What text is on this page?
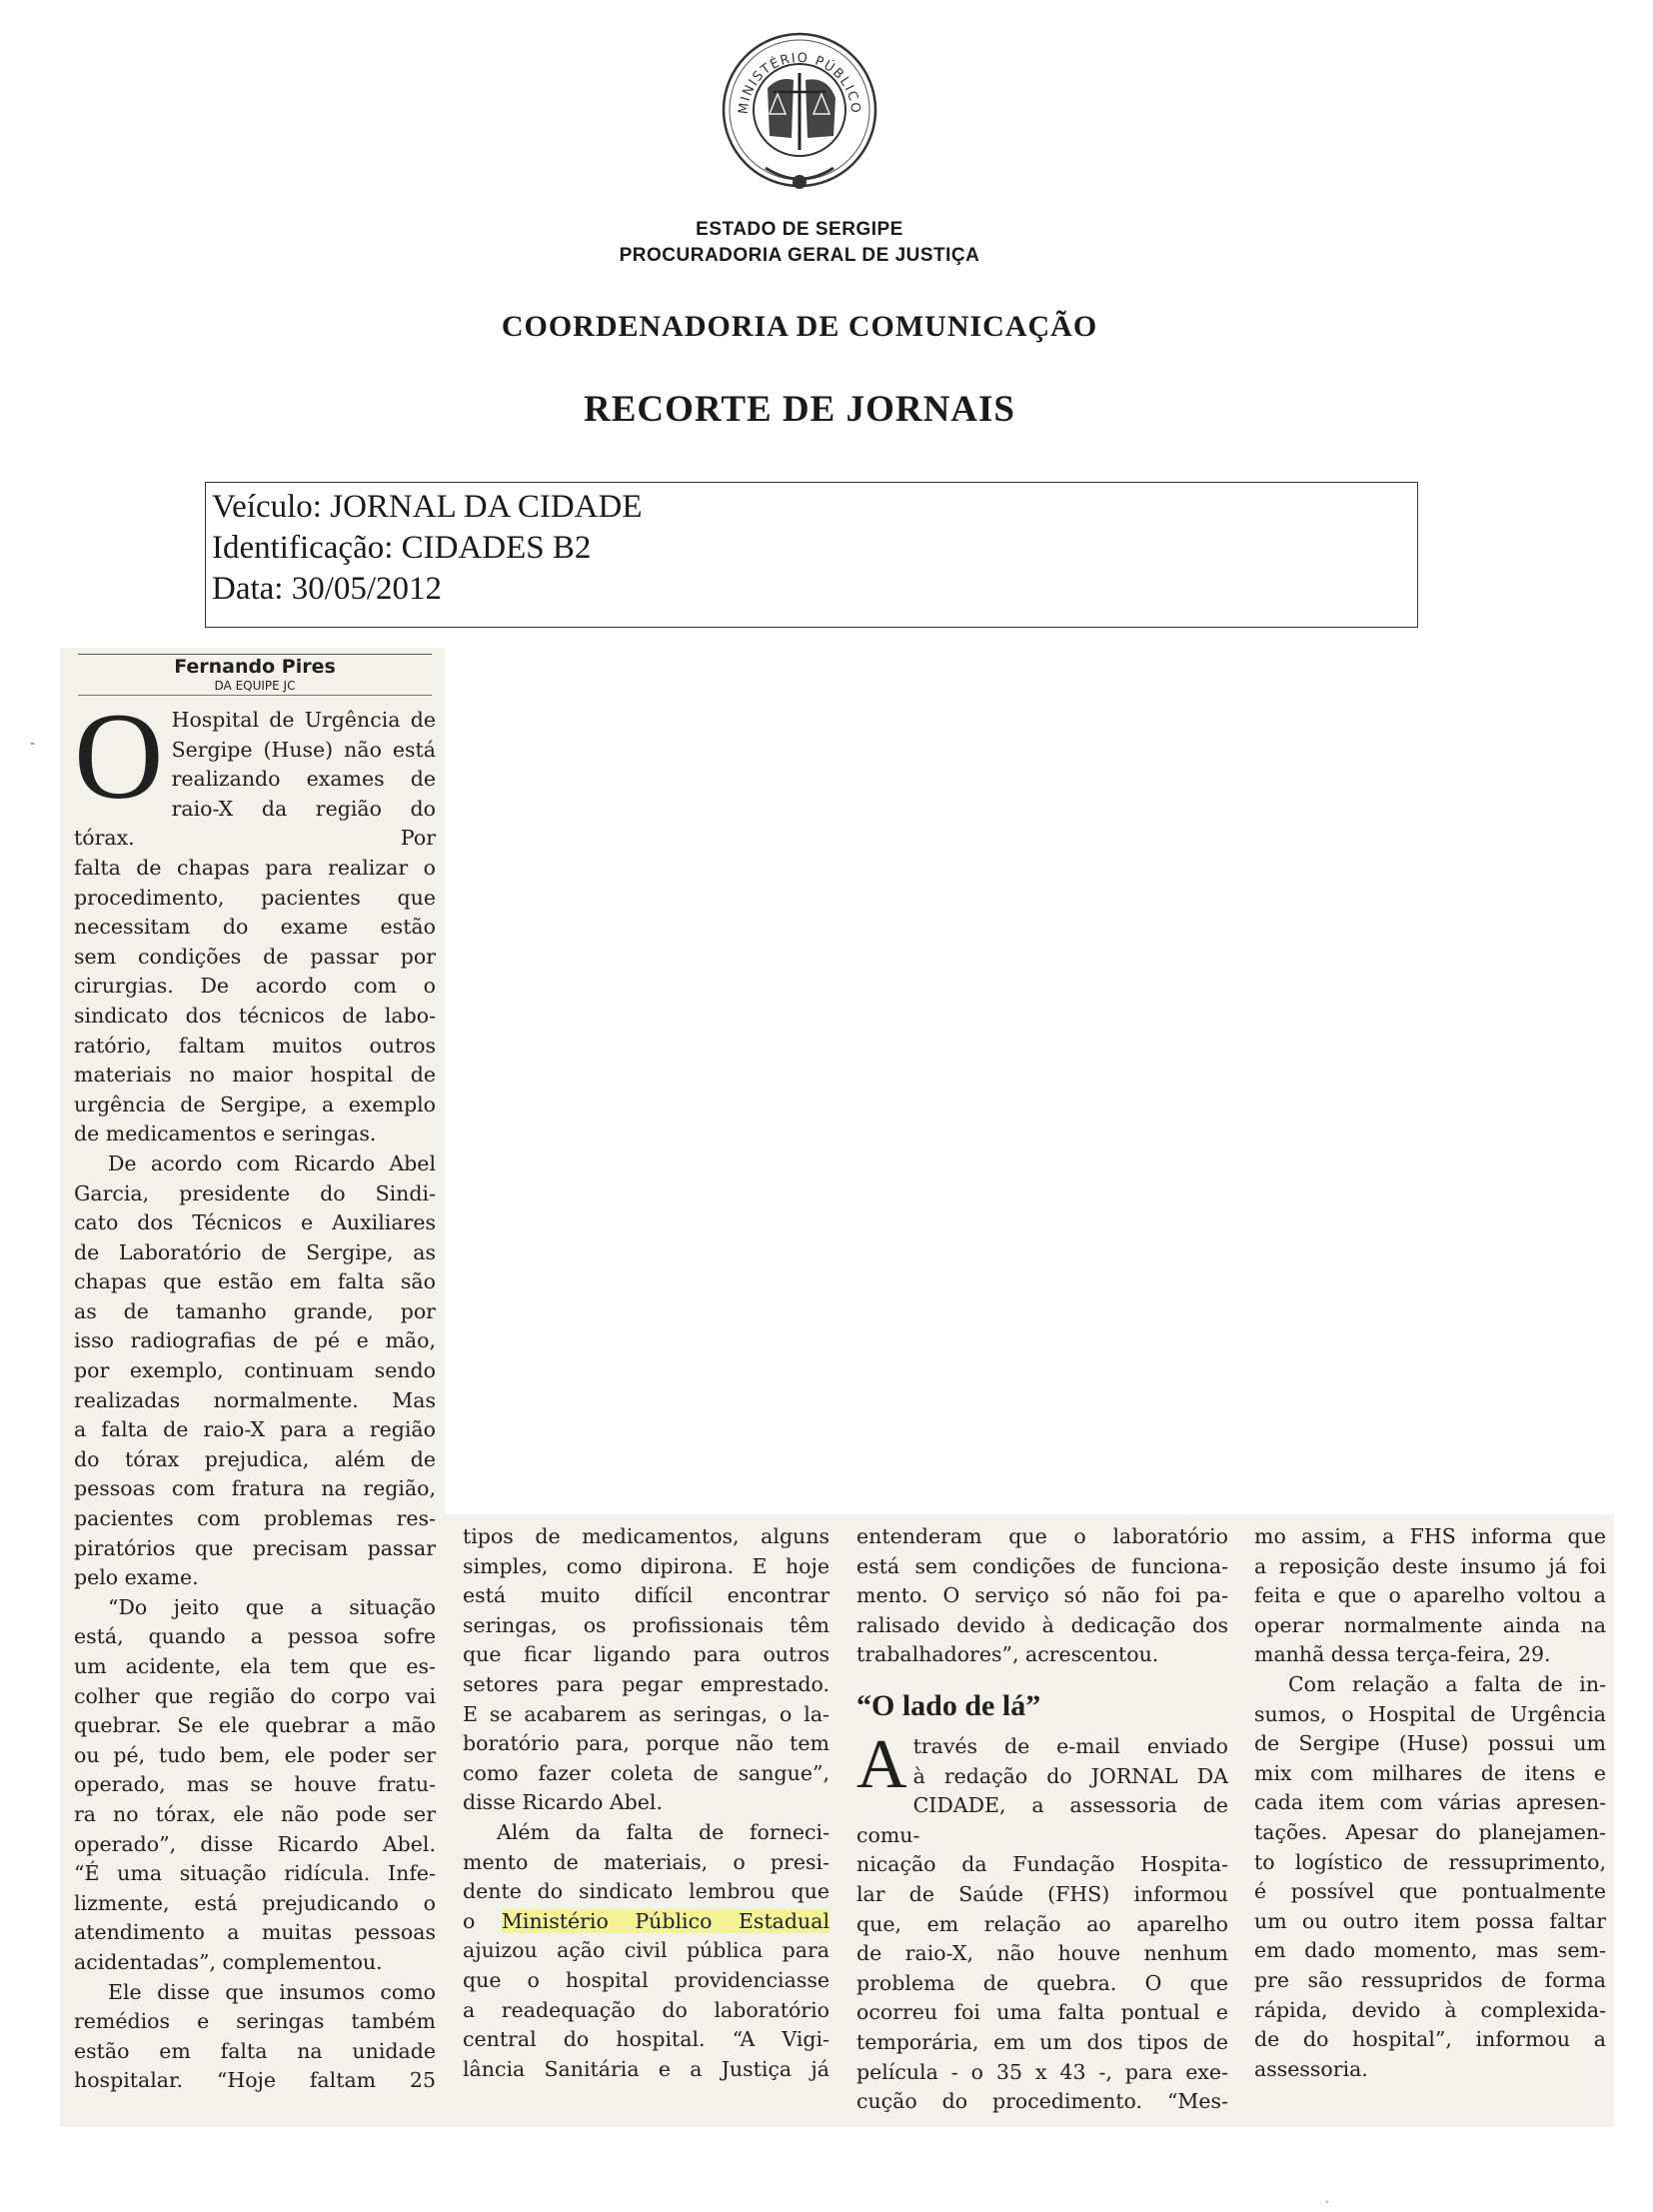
MINISTÉRIO PÚBLICO
ESTADO DE SERGIPE
PROCURADORIA GERAL DE JUSTIÇA
COORDENADORIA DE COMUNICAÇÃO
RECORTE DE JORNAIS
Veículo: JORNAL DA CIDADE
Identificação: CIDADES B2
Data: 30/05/2012
Fernando Pires
DA EQUIPE JC
O Hospital de Urgência de

Sergipe (Huse) não está

realizando exames de

raio-X da região do tórax. Por

falta de chapas para realizar o

procedimento, pacientes que

necessitam do exame estão

sem condições de passar por

cirurgias. De acordo com o

sindicato dos técnicos de labo-

ratório, faltam muitos outros

materiais no maior hospital de

urgência de Sergipe, a exemplo

de medicamentos e seringas.

De acordo com Ricardo Abel

Garcia, presidente do Sindi-

cato dos Técnicos e Auxiliares

de Laboratório de Sergipe, as

chapas que estão em falta são

as de tamanho grande, por

isso radiografias de pé e mão,

por exemplo, continuam sendo

realizadas normalmente. Mas

a falta de raio-X para a região

do tórax prejudica, além de

pessoas com fratura na região,

pacientes com problemas res-

piratórios que precisam passar

pelo exame.

“Do jeito que a situação

está, quando a pessoa sofre

um acidente, ela tem que es-

colher que região do corpo vai

quebrar. Se ele quebrar a mão

ou pé, tudo bem, ele poder ser

operado, mas se houve fratu-

ra no tórax, ele não pode ser

operado”, disse Ricardo Abel.

“É uma situação ridícula. Infe-

lizmente, está prejudicando o

atendimento a muitas pessoas

acidentadas”, complementou.

Ele disse que insumos como

remédios e seringas também

estão em falta na unidade

hospitalar. “Hoje faltam 25

tipos de medicamentos, alguns

simples, como dipirona. E hoje

está muito difícil encontrar

seringas, os profissionais têm

que ficar ligando para outros

setores para pegar emprestado.

E se acabarem as seringas, o la-

boratório para, porque não tem

como fazer coleta de sangue”,

disse Ricardo Abel.

Além da falta de forneci-

mento de materiais, o presi-

dente do sindicato lembrou que

o Ministério Público Estadual

ajuizou ação civil pública para

que o hospital providenciasse

a readequação do laboratório

central do hospital. “A Vigi-

lância Sanitária e a Justiça já

entenderam que o laboratório

está sem condições de funciona-

mento. O serviço só não foi pa-

ralisado devido à dedicação dos

trabalhadores”, acrescentou.

“O lado de lá”

A través de e-mail enviado

à redação do JORNAL DA

CIDADE, a assessoria de comu-

nicação da Fundação Hospita-

lar de Saúde (FHS) informou

que, em relação ao aparelho

de raio-X, não houve nenhum

problema de quebra. O que

ocorreu foi uma falta pontual e

temporária, em um dos tipos de

película - o 35 x 43 -, para exe-

cução do procedimento. “Mes-

mo assim, a FHS informa que

a reposição deste insumo já foi

feita e que o aparelho voltou a

operar normalmente ainda na

manhã dessa terça-feira, 29.

Com relação a falta de in-

sumos, o Hospital de Urgência

de Sergipe (Huse) possui um

mix com milhares de itens e

cada item com várias apresen-

tações. Apesar do planejamen-

to logístico de ressuprimento,

é possível que pontualmente

um ou outro item possa faltar

em dado momento, mas sem-

pre são ressupridos de forma

rápida, devido à complexida-

de do hospital”, informou a

assessoria.

-
·
